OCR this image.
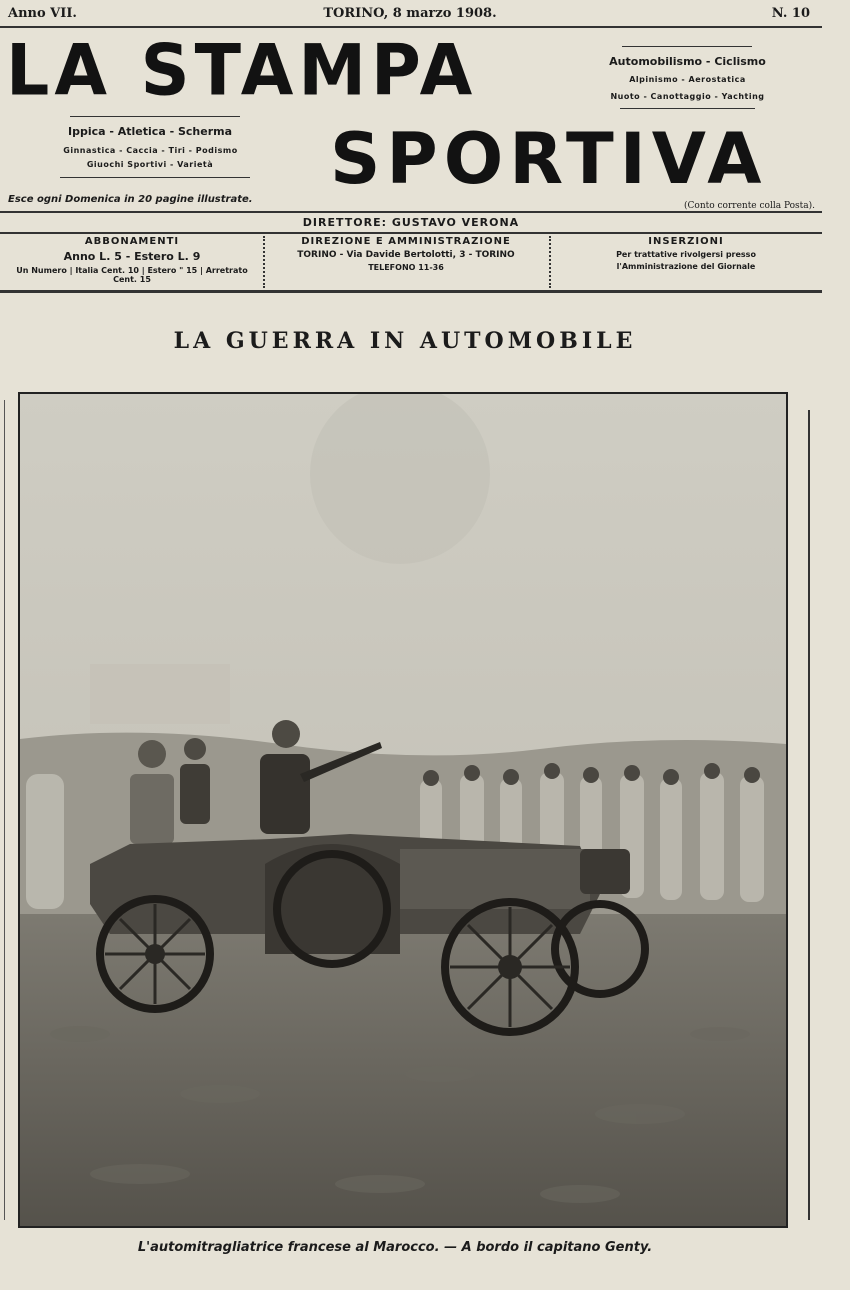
Anno VII.	TORINO, 8 marzo 1908.	N. 10
LA STAMPA
SPORTIVA
Ippica - Atletica - Scherma
Ginnastica - Caccia - Tiri - Podismo
Giuochi Sportivi - Varietà
Automobilismo - Ciclismo
Alpinismo - Aerostatica
Nuoto - Canottaggio - Yachting
Esce ogni Domenica in 20 pagine illustrate.
(Conto corrente colla Posta).
DIRETTORE: GUSTAVO VERONA
ABBONAMENTI
Anno L. 5 - Estero L. 9
Un Numero | Italia Cent. 10 | Estero " 15 | Arretrato Cent. 15
DIREZIONE E AMMINISTRAZIONE
TORINO - Via Davide Bertolotti, 3 - TORINO
TELEFONO 11-36
INSERZIONI
Per trattative rivolgersi presso
l'Amministrazione del Giornale
LA GUERRA IN AUTOMOBILE
L'automitragliatrice francese al Marocco. — A bordo il capitano Genty.
